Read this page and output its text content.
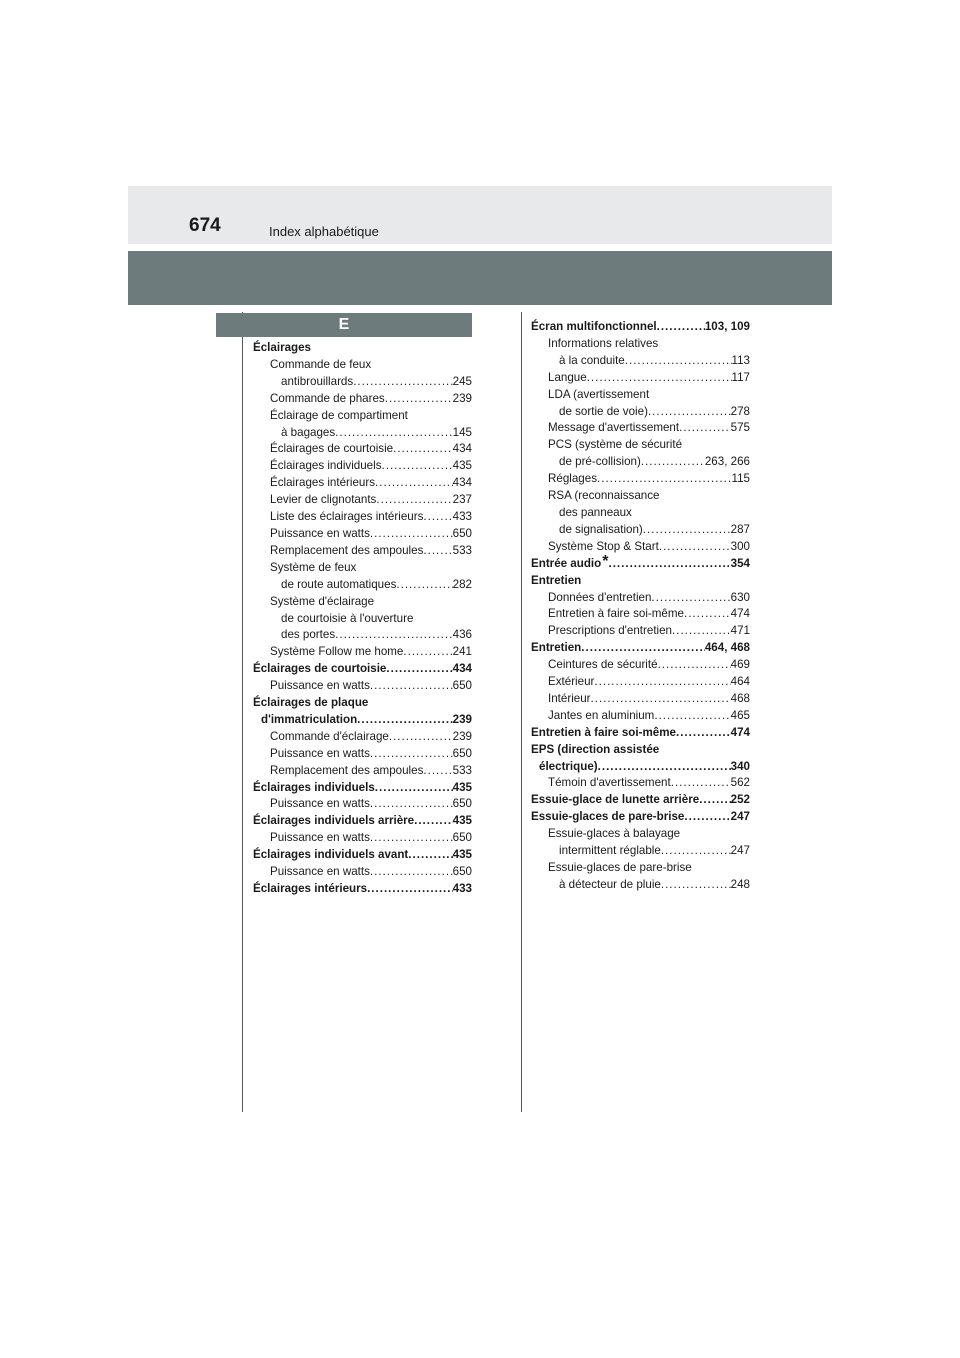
674	Index alphabétique
E
Éclairages
Commande de feux
antibrouillards .....	245
Commande de phares .....	239
Éclairage de compartiment
à bagages .....	145
Éclairages de courtoisie .....	434
Éclairages individuels .....	435
Éclairages intérieurs .....	434
Levier de clignotants .....	237
Liste des éclairages intérieurs .....	433
Puissance en watts .....	650
Remplacement des ampoules .....	533
Système de feux
de route automatiques .....	282
Système d'éclairage
de courtoisie à l'ouverture
des portes .....	436
Système Follow me home .....	241
Éclairages de courtoisie .....	434
Puissance en watts .....	650
Éclairages de plaque
d'immatriculation .....	239
Commande d'éclairage .....	239
Puissance en watts .....	650
Remplacement des ampoules .....	533
Éclairages individuels .....	435
Puissance en watts .....	650
Éclairages individuels arrière .....	435
Puissance en watts .....	650
Éclairages individuels avant .....	435
Puissance en watts .....	650
Éclairages intérieurs .....	433
Écran multifonctionnel .....	103, 109
Informations relatives
à la conduite .....	113
Langue .....	117
LDA (avertissement
de sortie de voie) .....	278
Message d'avertissement .....	575
PCS (système de sécurité
de pré-collision) .....	263, 266
Réglages .....	115
RSA (reconnaissance
des panneaux
de signalisation) .....	287
Système Stop & Start .....	300
Entrée audio * .....	354
Entretien
Données d'entretien .....	630
Entretien à faire soi-même .....	474
Prescriptions d'entretien .....	471
Entretien .....	464, 468
Ceintures de sécurité .....	469
Extérieur .....	464
Intérieur .....	468
Jantes en aluminium .....	465
Entretien à faire soi-même .....	474
EPS (direction assistée
électrique) .....	340
Témoin d'avertissement .....	562
Essuie-glace de lunette arrière .....	252
Essuie-glaces de pare-brise .....	247
Essuie-glaces à balayage
intermittent réglable .....	247
Essuie-glaces de pare-brise
à détecteur de pluie .....	248
